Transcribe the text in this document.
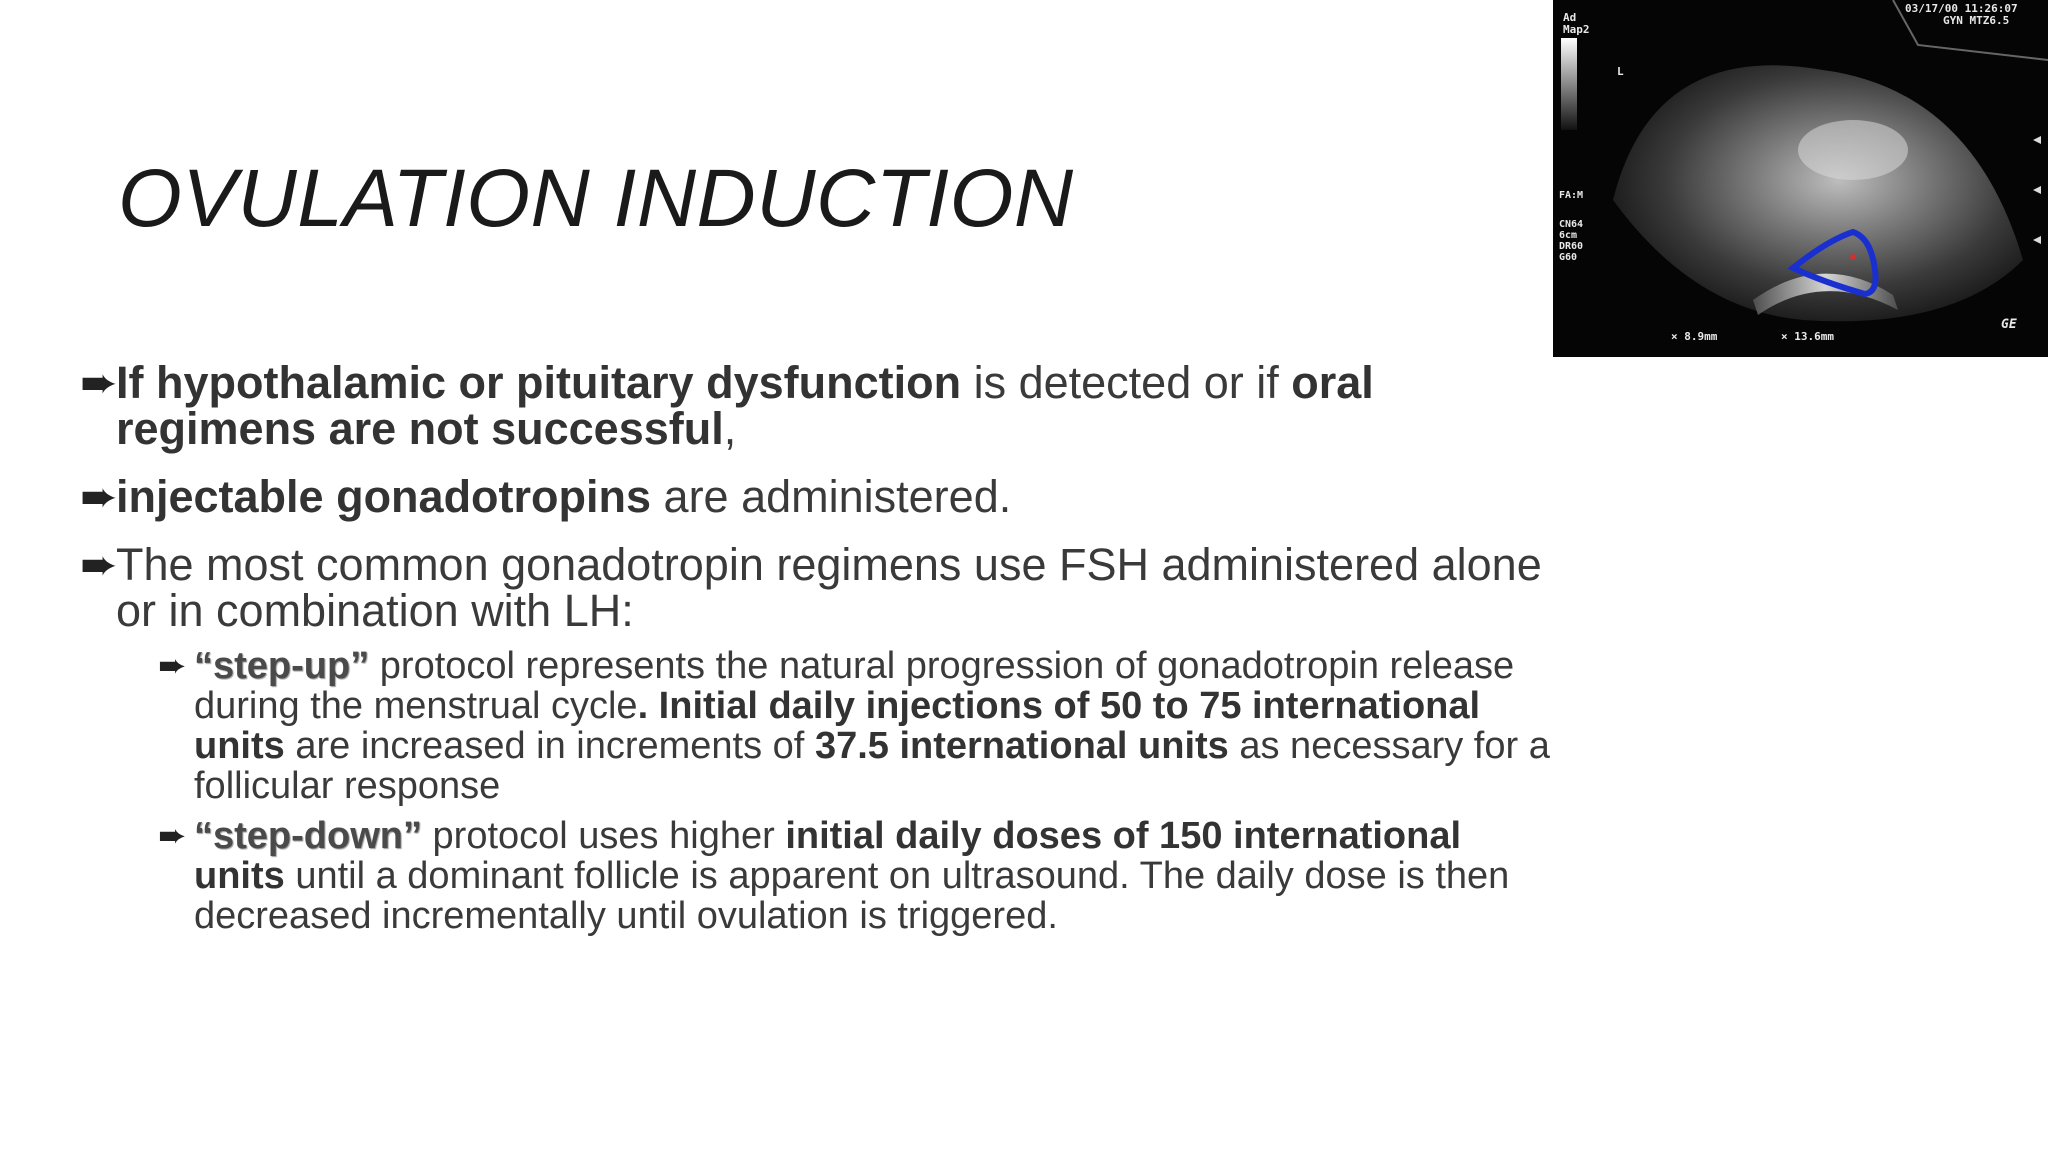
OVULATION INDUCTION
➨
If hypothalamic or pituitary dysfunction is detected or if oral regimens are not successful,
➨
injectable gonadotropins are administered.
➨
The most common gonadotropin regimens use FSH administered alone or in combination with LH:
➨ “step-up” protocol represents the natural progression of gonadotropin release during the menstrual cycle. Initial daily injections of 50 to 75 international units are increased in increments of 37.5 international units as necessary for a follicular response
➨ “step-down” protocol uses higher initial daily doses of 150 international units until a dominant follicle is apparent on ultrasound. The daily dose is then decreased incrementally until ovulation is triggered.
Ad
Map2
03/17/00 11:26:07
GYN MTZ6.5
L
FA:M
CN64
6cm
DR60
G60
× 8.9mm	× 13.6mm
GE
